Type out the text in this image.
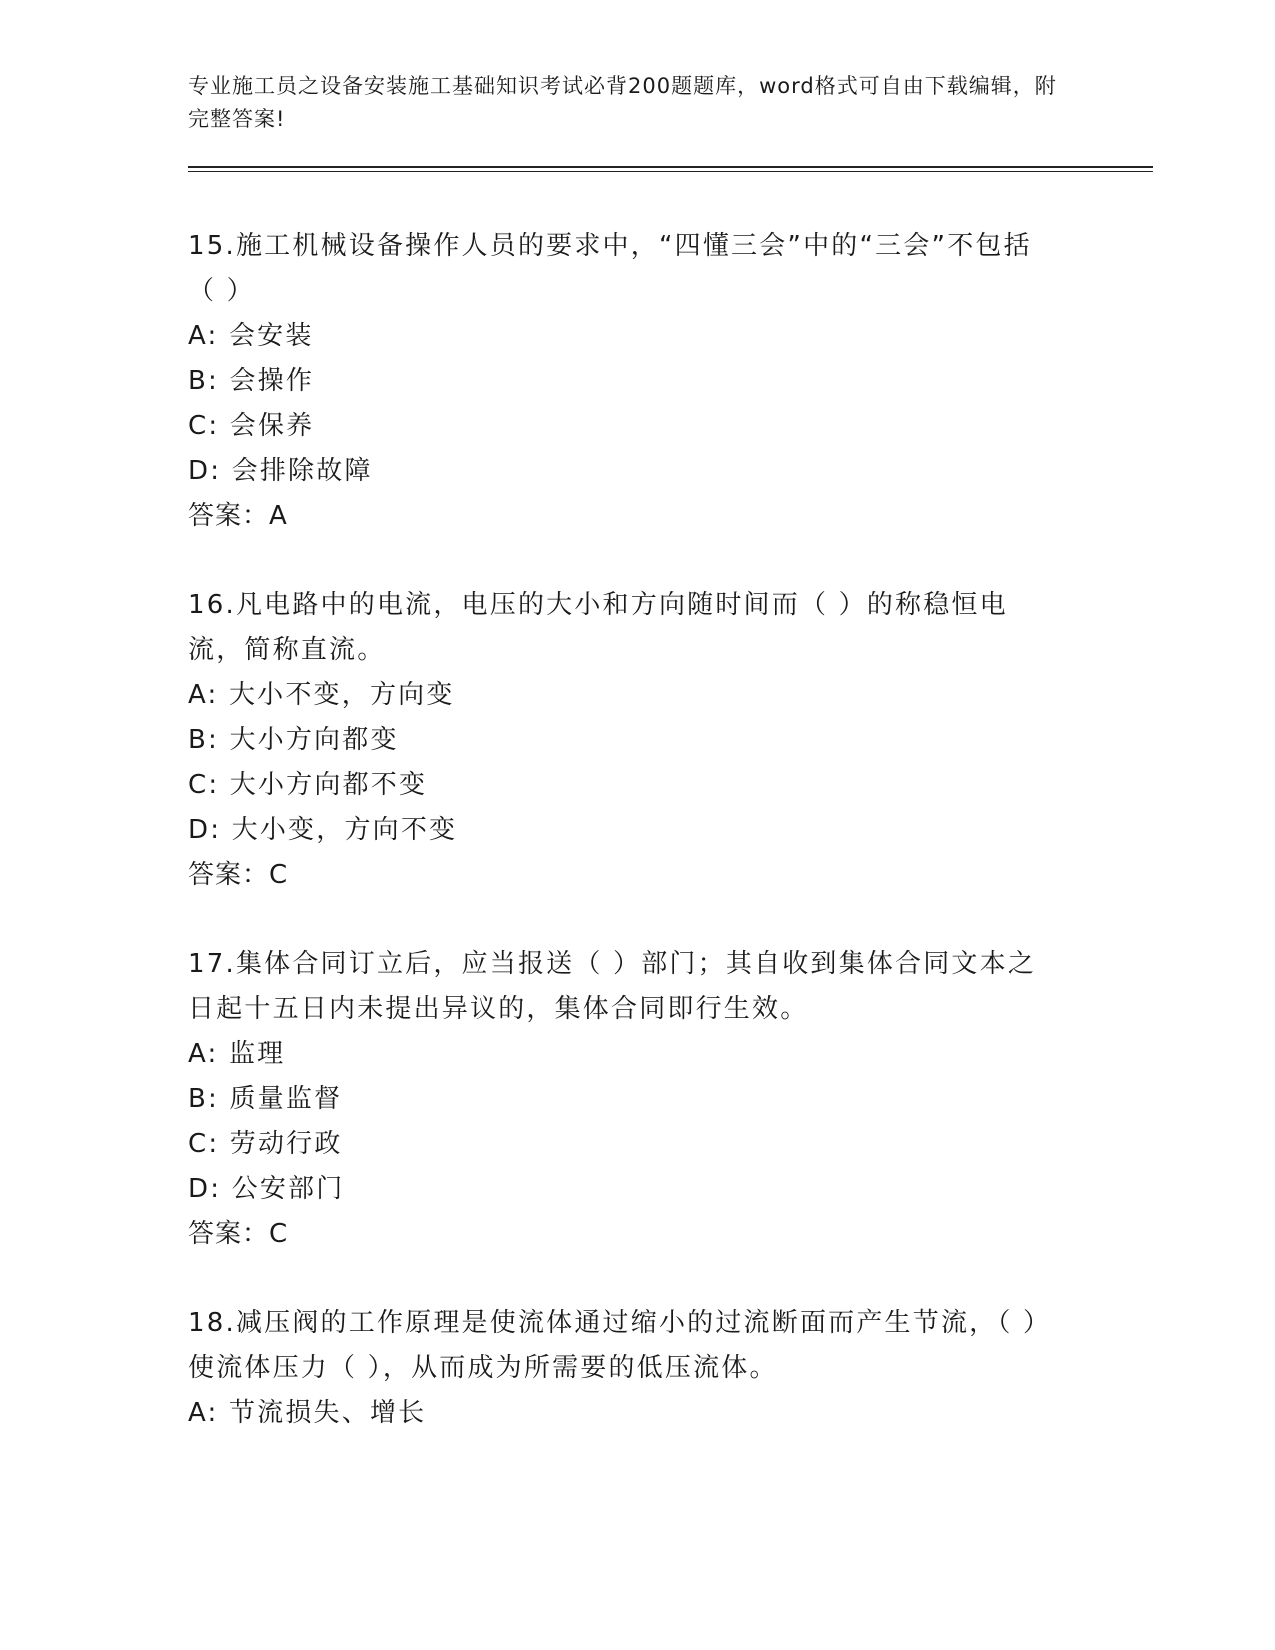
专业施工员之设备安装施工基础知识考试必背200题题库，word格式可自由下载编辑，附完整答案!

15.施工机械设备操作人员的要求中，“四懂三会”中的“三会”不包括（ ）

A: 会安装

B: 会操作

C: 会保养

D: 会排除故障

答案：A

16.凡电路中的电流，电压的大小和方向随时间而（ ）的称稳恒电流，简称直流。

A: 大小不变，方向变

B: 大小方向都变

C: 大小方向都不变

D: 大小变，方向不变

答案：C

17.集体合同订立后，应当报送（ ）部门；其自收到集体合同文本之日起十五日内未提出异议的，集体合同即行生效。

A: 监理

B: 质量监督

C: 劳动行政

D: 公安部门

答案：C

18.减压阀的工作原理是使流体通过缩小的过流断面而产生节流，（ ）使流体压力（ ），从而成为所需要的低压流体。

A: 节流损失、增长
